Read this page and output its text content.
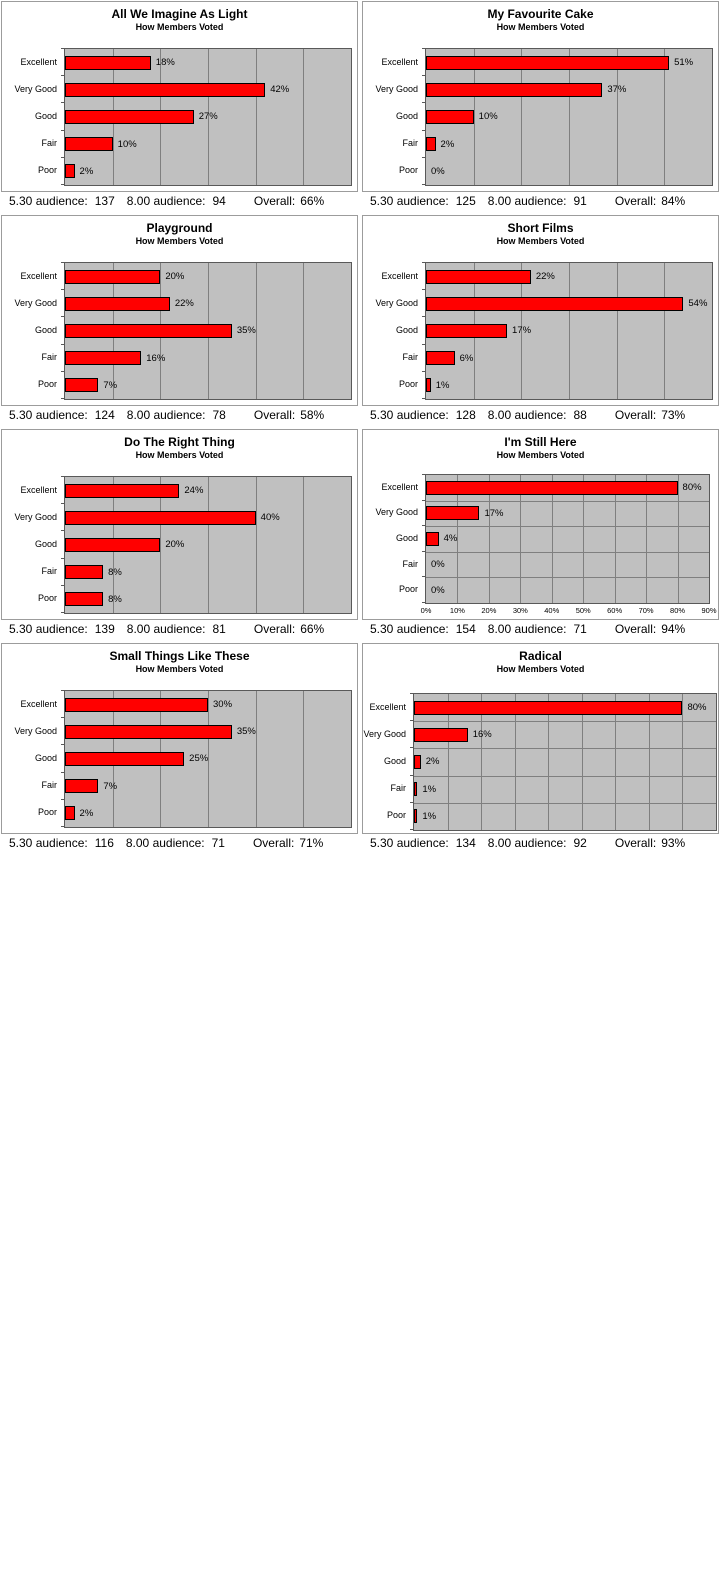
All We Imagine As Light
How Members Voted
18%
42%
27%
10%
2%
Excellent
Very Good
Good
Fair
Poor
5.30 audience: 137 8.00 audience: 94 Overall: 66%
My Favourite Cake
How Members Voted
51%
37%
10%
2%
0%
Excellent
Very Good
Good
Fair
Poor
5.30 audience: 125 8.00 audience: 91 Overall: 84%
Playground
How Members Voted
20%
22%
35%
16%
7%
Excellent
Very Good
Good
Fair
Poor
5.30 audience: 124 8.00 audience: 78 Overall: 58%
Short Films
How Members Voted
22%
54%
17%
6%
1%
Excellent
Very Good
Good
Fair
Poor
5.30 audience: 128 8.00 audience: 88 Overall: 73%
Do The Right Thing
How Members Voted
24%
40%
20%
8%
8%
Excellent
Very Good
Good
Fair
Poor
5.30 audience: 139 8.00 audience: 81 Overall: 66%
I'm Still Here
How Members Voted
80%
17%
4%
0%
0%
Excellent
Very Good
Good
Fair
Poor
0%	10%	20%	30%	40%	50%	60%	70%	80%	90%
5.30 audience: 154 8.00 audience: 71 Overall: 94%
Small Things Like These
How Members Voted
30%
35%
25%
7%
2%
Excellent
Very Good
Good
Fair
Poor
5.30 audience: 116 8.00 audience: 71 Overall: 71%
Radical
How Members Voted
80%
16%
2%
1%
1%
Excellent
Very Good
Good
Fair
Poor
5.30 audience: 134 8.00 audience: 92 Overall: 93%
